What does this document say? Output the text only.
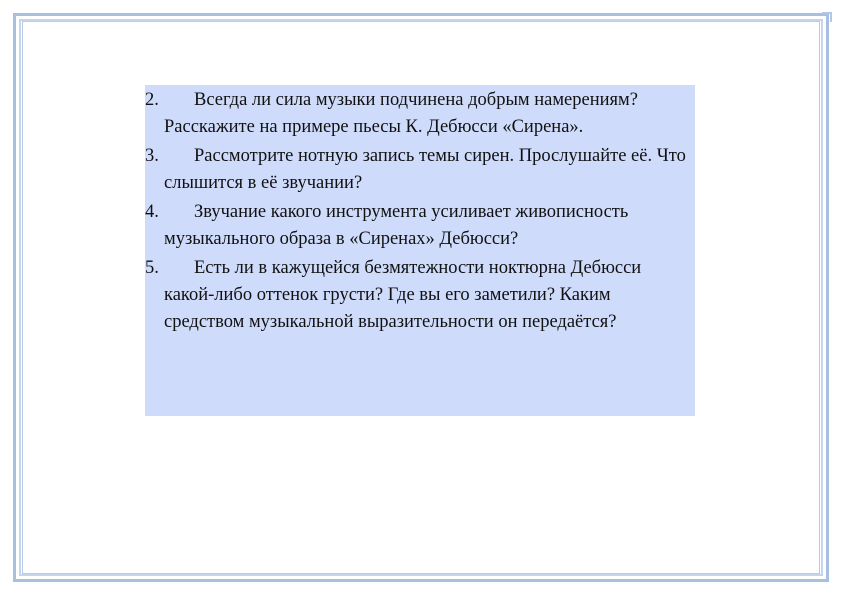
2.	Всегда ли сила музыки подчинена добрым намерениям? Расскажите на примере пьесы К. Дебюсси «Сирена».
3.	Рассмотрите нотную запись темы сирен. Прослушайте её. Что слышится в её звучании?
4.	Звучание какого инструмента усиливает живописность музыкального образа в «Сиренах» Дебюсси?
5.	Есть ли в кажущейся безмятежности ноктюрна Дебюсси какой-либо оттенок грусти? Где вы его заметили? Каким средством музыкальной выразительности он передаётся?
